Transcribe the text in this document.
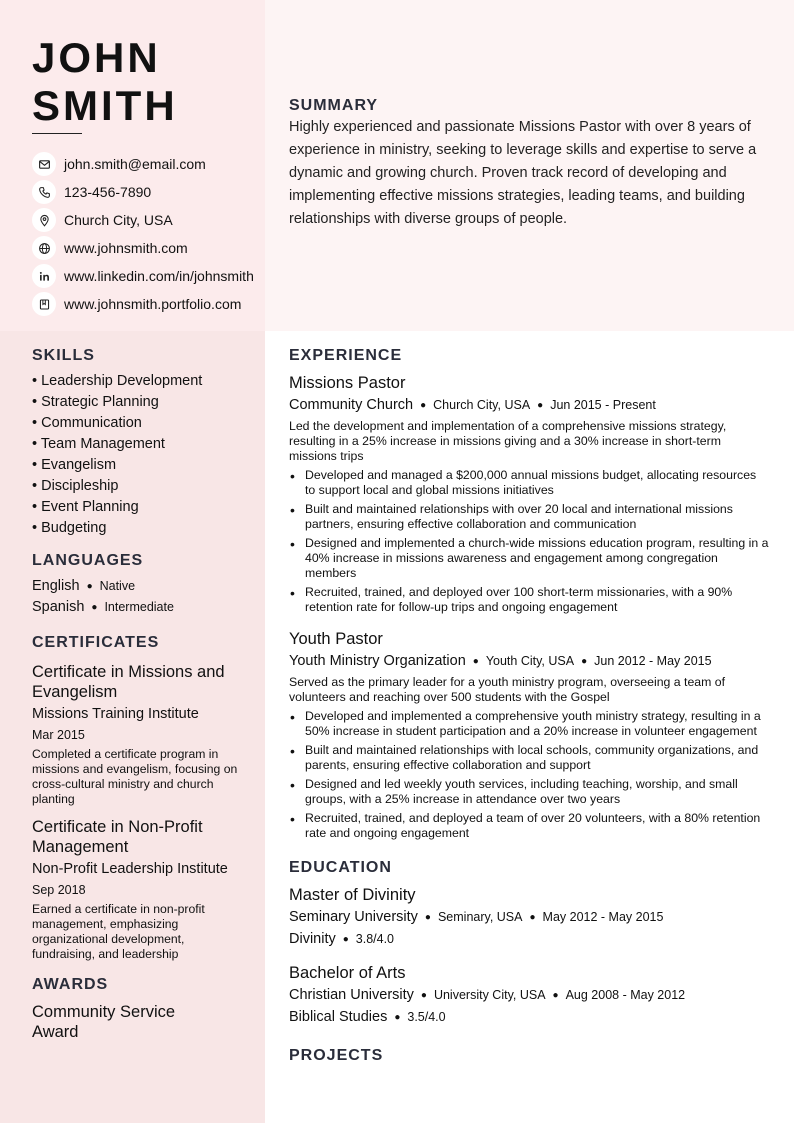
JOHN
SMITH
john.smith@email.com
123-456-7890
Church City, USA
www.johnsmith.com
www.linkedin.com/in/johnsmith
www.johnsmith.portfolio.com
SUMMARY

Highly experienced and passionate Missions Pastor with over 8 years of experience in ministry, seeking to leverage skills and expertise to serve a dynamic and growing church. Proven track record of developing and implementing effective missions strategies, leading teams, and building relationships with diverse groups of people.

SKILLS
• Leadership Development
• Strategic Planning
• Communication
• Team Management
• Evangelism
• Discipleship
• Event Planning
• Budgeting
LANGUAGES
English ● Native
Spanish ● Intermediate
CERTIFICATES
Certificate in Missions and Evangelism
Missions Training Institute
Mar 2015
Completed a certificate program in missions and evangelism, focusing on cross-cultural ministry and church planting
Certificate in Non-Profit Management
Non-Profit Leadership Institute
Sep 2018
Earned a certificate in non-profit management, emphasizing organizational development, fundraising, and leadership
AWARDS
Community Service Award
EXPERIENCE
Missions Pastor
Community Church ● Church City, USA ● Jun 2015 - Present
Led the development and implementation of a comprehensive missions strategy, resulting in a 25% increase in missions giving and a 30% increase in short-term missions trips
• Developed and managed a $200,000 annual missions budget, allocating resources to support local and global missions initiatives
• Built and maintained relationships with over 20 local and international missions partners, ensuring effective collaboration and communication
• Designed and implemented a church-wide missions education program, resulting in a 40% increase in missions awareness and engagement among congregation members
• Recruited, trained, and deployed over 100 short-term missionaries, with a 90% retention rate for follow-up trips and ongoing engagement
Youth Pastor
Youth Ministry Organization ● Youth City, USA ● Jun 2012 - May 2015
Served as the primary leader for a youth ministry program, overseeing a team of volunteers and reaching over 500 students with the Gospel
• Developed and implemented a comprehensive youth ministry strategy, resulting in a 50% increase in student participation and a 20% increase in volunteer engagement
• Built and maintained relationships with local schools, community organizations, and parents, ensuring effective collaboration and support
• Designed and led weekly youth services, including teaching, worship, and small groups, with a 25% increase in attendance over two years
• Recruited, trained, and deployed a team of over 20 volunteers, with a 80% retention rate and ongoing engagement
EDUCATION
Master of Divinity
Seminary University ● Seminary, USA ● May 2012 - May 2015
Divinity ● 3.8/4.0
Bachelor of Arts
Christian University ● University City, USA ● Aug 2008 - May 2012
Biblical Studies ● 3.5/4.0
PROJECTS
